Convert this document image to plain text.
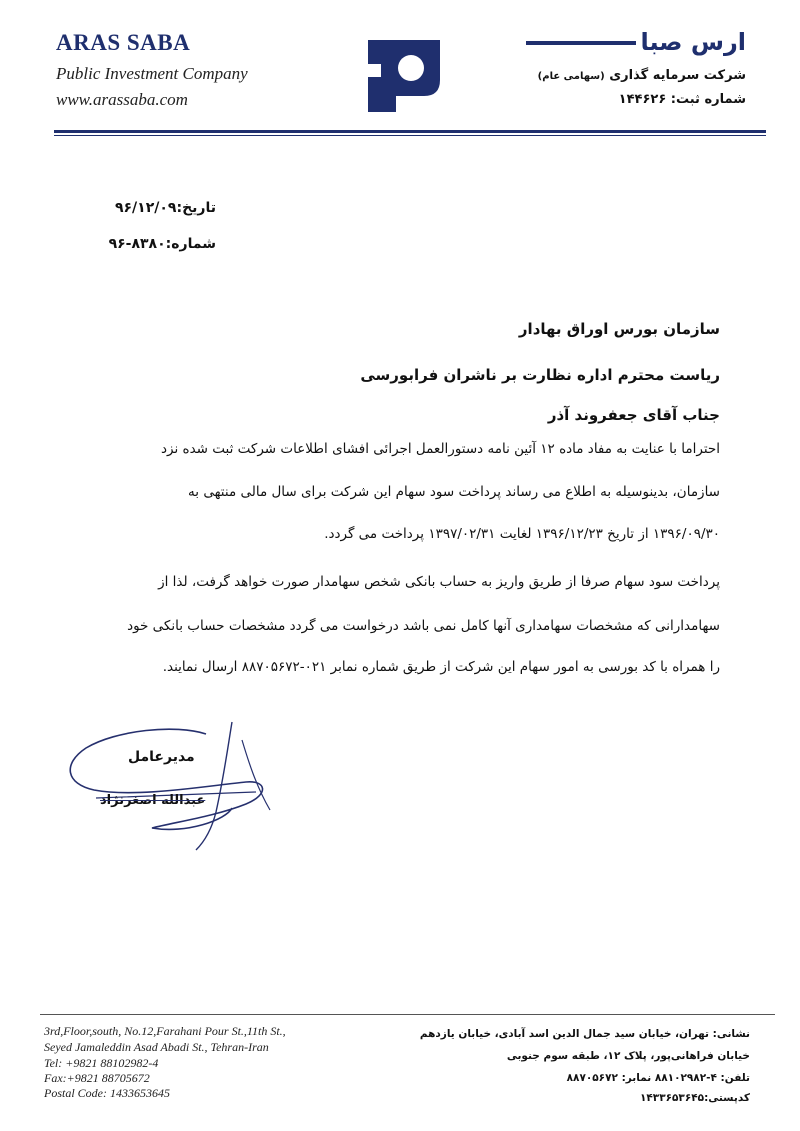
ARAS SABA
Public Investment Company
www.arassaba.com
ارس صبا
شرکت سرمایه گذاری (سهامی عام)
شماره ثبت: ۱۴۴۶۲۶
تاریخ:۹۶/۱۲/۰۹
شماره:۸۳۸۰-۹۶
سازمان بورس اوراق بهادار
ریاست محترم اداره نظارت بر ناشران فرابورسی
جناب آقای جعفروند آذر
احتراما با عنایت به مفاد ماده ۱۲ آئین نامه دستورالعمل اجرائی افشای اطلاعات شرکت ثبت شده نزد
سازمان، بدینوسیله به اطلاع می رساند پرداخت سود سهام این شرکت برای سال مالی منتهی به
۱۳۹۶/۰۹/۳۰ از تاریخ ۱۳۹۶/۱۲/۲۳ لغایت ۱۳۹۷/۰۲/۳۱ پرداخت می گردد.
پرداخت سود سهام صرفا از طریق واریز به حساب بانکی شخص سهامدار صورت خواهد گرفت، لذا از
سهامدارانی که مشخصات سهامداری آنها کامل نمی باشد درخواست می گردد مشخصات حساب بانکی خود
را همراه با کد بورسی به امور سهام این شرکت از طریق شماره نمابر ۰۲۱-۸۸۷۰۵۶۷۲ ارسال نمایند.
مدیرعامل
عبدالله اصغرنژاد
3rd,Floor,south, No.12,Farahani Pour St.,11th St.,
Seyed Jamaleddin Asad Abadi St., Tehran-Iran
Tel: +9821 88102982-4
Fax:+9821 88705672
Postal Code: 1433653645
نشانی: تهران، خیابان سید جمال الدین اسد آبادی، خیابان یازدهم
خیابان فراهانی‌پور، پلاک ۱۲، طبقه سوم جنوبی
تلفن: ۴-۸۸۱۰۲۹۸۲ نمابر: ۸۸۷۰۵۶۷۲
کدپستی:۱۴۳۳۶۵۳۶۴۵
